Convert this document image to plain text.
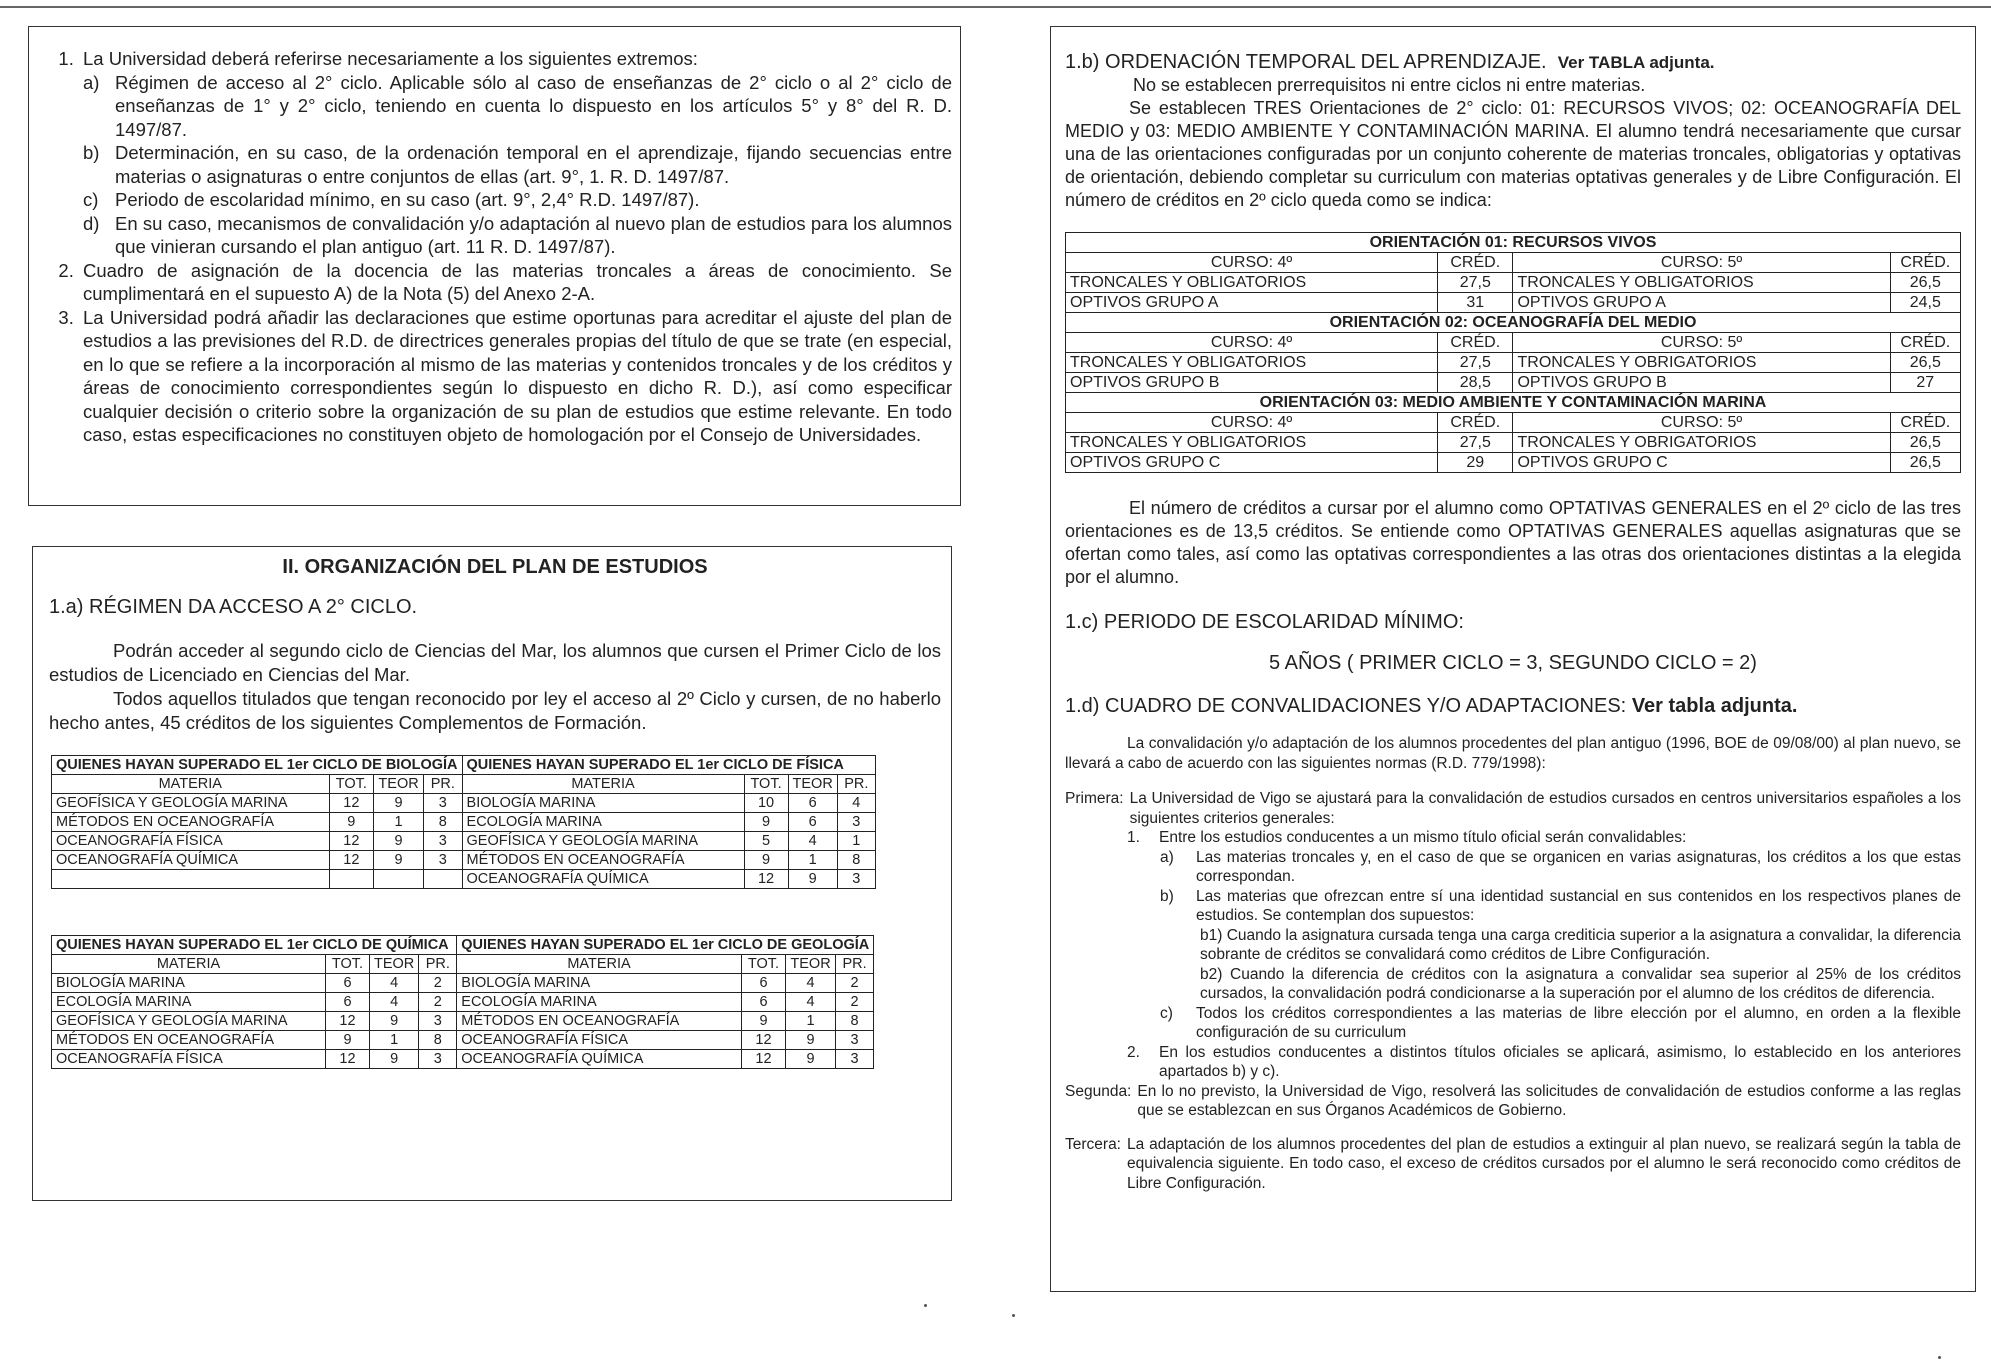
1. La Universidad deberá referirse necesariamente a los siguientes extremos:
a) Régimen de acceso al 2° ciclo. Aplicable sólo al caso de enseñanzas de 2° ciclo o al 2° ciclo de enseñanzas de 1° y 2° ciclo, teniendo en cuenta lo dispuesto en los artículos 5° y 8° del R. D. 1497/87.
b) Determinación, en su caso, de la ordenación temporal en el aprendizaje, fijando secuencias entre materias o asignaturas o entre conjuntos de ellas (art. 9°, 1. R. D. 1497/87.
c) Periodo de escolaridad mínimo, en su caso (art. 9°, 2,4° R.D. 1497/87).
d) En su caso, mecanismos de convalidación y/o adaptación al nuevo plan de estudios para los alumnos que vinieran cursando el plan antiguo (art. 11 R. D. 1497/87).
2. Cuadro de asignación de la docencia de las materias troncales a áreas de conocimiento. Se cumplimentará en el supuesto A) de la Nota (5) del Anexo 2-A.
3. La Universidad podrá añadir las declaraciones que estime oportunas para acreditar el ajuste del plan de estudios a las previsiones del R.D. de directrices generales propias del título de que se trate (en especial, en lo que se refiere a la incorporación al mismo de las materias y contenidos troncales y de los créditos y áreas de conocimiento correspondientes según lo dispuesto en dicho R. D.), así como especificar cualquier decisión o criterio sobre la organización de su plan de estudios que estime relevante. En todo caso, estas especificaciones no constituyen objeto de homologación por el Consejo de Universidades.
II. ORGANIZACIÓN DEL PLAN DE ESTUDIOS
1.a) RÉGIMEN DA ACCESO A 2° CICLO.

Podrán acceder al segundo ciclo de Ciencias del Mar, los alumnos que cursen el Primer Ciclo de los estudios de Licenciado en Ciencias del Mar.

Todos aquellos titulados que tengan reconocido por ley el acceso al 2º Ciclo y cursen, de no haberlo hecho antes, 45 créditos de los siguientes Complementos de Formación.

QUIENES HAYAN SUPERADO EL 1er CICLO DE BIOLOGÍA				QUIENES HAYAN SUPERADO EL 1er CICLO DE FÍSICA			
MATERIA	TOT.	TEOR	PR.	MATERIA	TOT.	TEOR	PR.
GEOFÍSICA Y GEOLOGÍA MARINA	12	9	3	BIOLOGÍA MARINA	10	6	4
MÉTODOS EN OCEANOGRAFÍA	9	1	8	ECOLOGÍA MARINA	9	6	3
OCEANOGRAFÍA FÍSICA	12	9	3	GEOFÍSICA Y GEOLOGÍA MARINA	5	4	1
OCEANOGRAFÍA QUÍMICA	12	9	3	MÉTODOS EN OCEANOGRAFÍA	9	1	8
				OCEANOGRAFÍA QUÍMICA	12	9	3
QUIENES HAYAN SUPERADO EL 1er CICLO DE QUÍMICA				QUIENES HAYAN SUPERADO EL 1er CICLO DE GEOLOGÍA			
MATERIA	TOT.	TEOR	PR.	MATERIA	TOT.	TEOR	PR.
BIOLOGÍA MARINA	6	4	2	BIOLOGÍA MARINA	6	4	2
ECOLOGÍA MARINA	6	4	2	ECOLOGÍA MARINA	6	4	2
GEOFÍSICA Y GEOLOGÍA MARINA	12	9	3	MÉTODOS EN OCEANOGRAFÍA	9	1	8
MÉTODOS EN OCEANOGRAFÍA	9	1	8	OCEANOGRAFÍA FÍSICA	12	9	3
OCEANOGRAFÍA FÍSICA	12	9	3	OCEANOGRAFÍA QUÍMICA	12	9	3
1.b) ORDENACIÓN TEMPORAL DEL APRENDIZAJE. Ver TABLA adjunta.

No se establecen prerrequisitos ni entre ciclos ni entre materias.

Se establecen TRES Orientaciones de 2° ciclo: 01: RECURSOS VIVOS; 02: OCEANOGRAFÍA DEL MEDIO y 03: MEDIO AMBIENTE Y CONTAMINACIÓN MARINA. El alumno tendrá necesariamente que cursar una de las orientaciones configuradas por un conjunto coherente de materias troncales, obligatorias y optativas de orientación, debiendo completar su curriculum con materias optativas generales y de Libre Configuración. El número de créditos en 2º ciclo queda como se indica:

ORIENTACIÓN 01: RECURSOS VIVOS			
CURSO: 4º	CRÉD.	CURSO: 5º	CRÉD.
TRONCALES Y OBLIGATORIOS	27,5	TRONCALES Y OBLIGATORIOS	26,5
OPTIVOS GRUPO A	31	OPTIVOS GRUPO A	24,5
ORIENTACIÓN 02: OCEANOGRAFÍA DEL MEDIO			
CURSO: 4º	CRÉD.	CURSO: 5º	CRÉD.
TRONCALES Y OBLIGATORIOS	27,5	TRONCALES Y OBRIGATORIOS	26,5
OPTIVOS GRUPO B	28,5	OPTIVOS GRUPO B	27
ORIENTACIÓN 03: MEDIO AMBIENTE Y CONTAMINACIÓN MARINA			
CURSO: 4º	CRÉD.	CURSO: 5º	CRÉD.
TRONCALES Y OBLIGATORIOS	27,5	TRONCALES Y OBRIGATORIOS	26,5
OPTIVOS GRUPO C	29	OPTIVOS GRUPO C	26,5

El número de créditos a cursar por el alumno como OPTATIVAS GENERALES en el 2º ciclo de las tres orientaciones es de 13,5 créditos. Se entiende como OPTATIVAS GENERALES aquellas asignaturas que se ofertan como tales, así como las optativas correspondientes a las otras dos orientaciones distintas a la elegida por el alumno.

1.c) PERIODO DE ESCOLARIDAD MÍNIMO:
5 AÑOS ( PRIMER CICLO = 3, SEGUNDO CICLO = 2)
1.d) CUADRO DE CONVALIDACIONES Y/O ADAPTACIONES: Ver tabla adjunta.

La convalidación y/o adaptación de los alumnos procedentes del plan antiguo (1996, BOE de 09/08/00) al plan nuevo, se llevará a cabo de acuerdo con las siguientes normas (R.D. 779/1998):

Primera: La Universidad de Vigo se ajustará para la convalidación de estudios cursados en centros universitarios españoles a los siguientes criterios generales:
1.	Entre los estudios conducentes a un mismo título oficial serán convalidables:
a)	Las materias troncales y, en el caso de que se organicen en varias asignaturas, los créditos a los que estas correspondan.
b)	Las materias que ofrezcan entre sí una identidad sustancial en sus contenidos en los respectivos planes de estudios. Se contemplan dos supuestos:
b1) Cuando la asignatura cursada tenga una carga crediticia superior a la asignatura a convalidar, la diferencia sobrante de créditos se convalidará como créditos de Libre Configuración.
b2) Cuando la diferencia de créditos con la asignatura a convalidar sea superior al 25% de los créditos cursados, la convalidación podrá condicionarse a la superación por el alumno de los créditos de diferencia.
c)	Todos los créditos correspondientes a las materias de libre elección por el alumno, en orden a la flexible configuración de su curriculum
2.	En los estudios conducentes a distintos títulos oficiales se aplicará, asimismo, lo establecido en los anteriores apartados b) y c).
Segunda: En lo no previsto, la Universidad de Vigo, resolverá las solicitudes de convalidación de estudios conforme a las reglas que se establezcan en sus Órganos Académicos de Gobierno.
Tercera: La adaptación de los alumnos procedentes del plan de estudios a extinguir al plan nuevo, se realizará según la tabla de equivalencia siguiente. En todo caso, el exceso de créditos cursados por el alumno le será reconocido como créditos de Libre Configuración.
